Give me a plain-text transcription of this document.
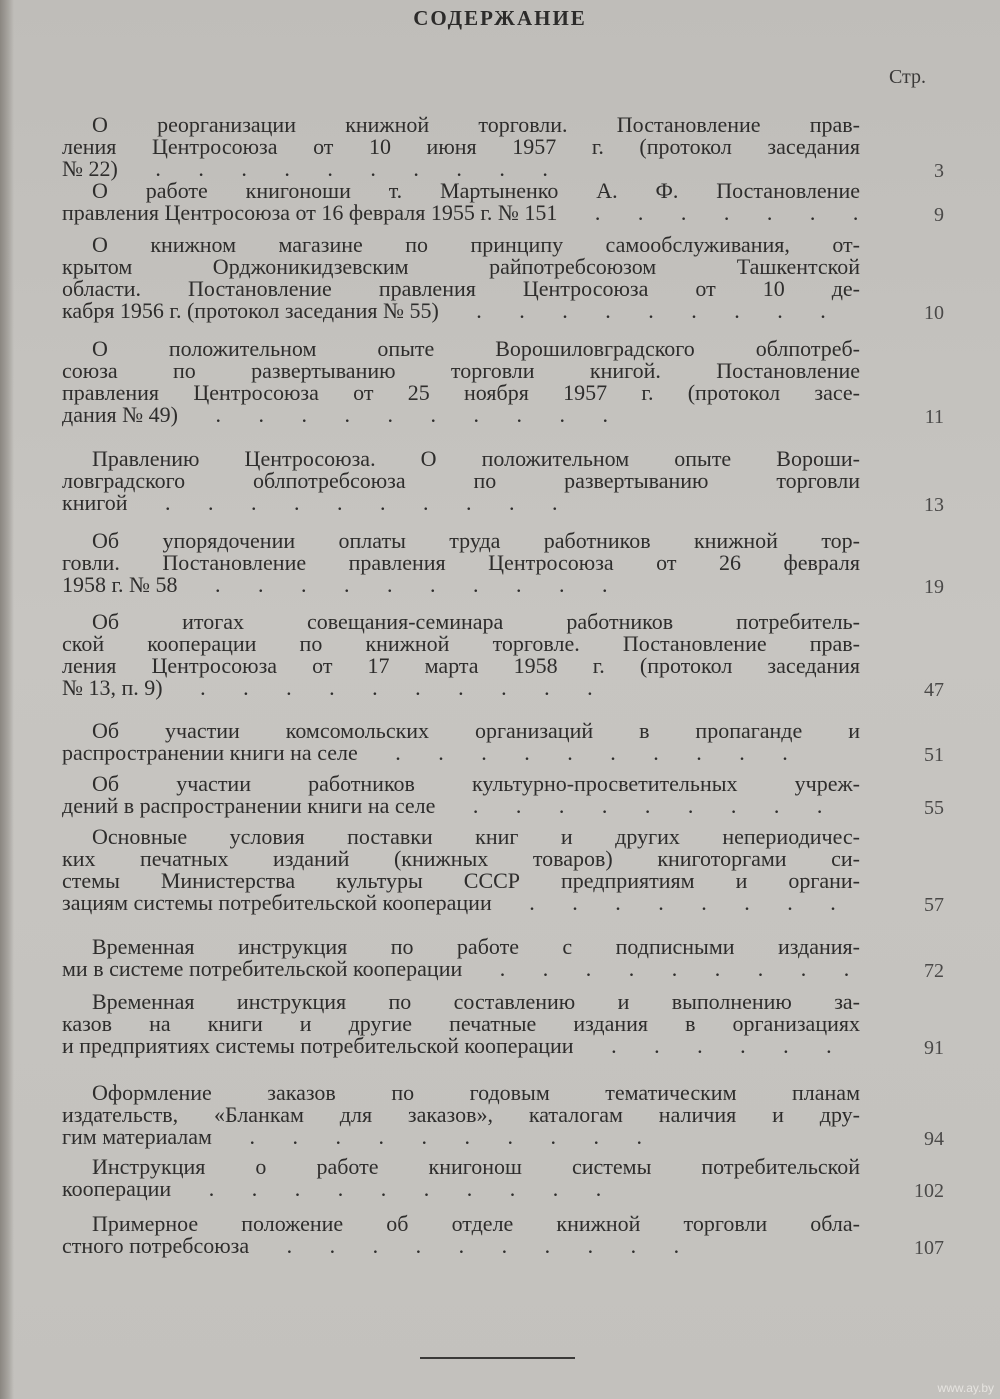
СОДЕРЖАНИЕ
Стр.
О реорганизации книжной торговли. Постановление прав-
ления Центросоюза от 10 июня 1957 г. (протокол заседания
№ 22) . . . . . . . . . .	3
О работе книгоноши т. Мартыненко А. Ф. Постановление
правления Центросоюза от 16 февраля 1955 г. № 151 . . . . . . .	9
О книжном магазине по принципу самообслуживания, от-
крытом Орджоникидзевским райпотребсоюзом Ташкентской
области. Постановление правления Центросоюза от 10 де-
кабря 1956 г. (протокол заседания № 55) . . . . . . . . .	10
О положительном опыте Ворошиловградского облпотреб-
союза по развертыванию торговли книгой. Постановление
правления Центросоюза от 25 ноября 1957 г. (протокол засе-
дания № 49) . . . . . . . . . .	11
Правлению Центросоюза. О положительном опыте Вороши-
ловградского облпотребсоюза по развертыванию торговли
книгой . . . . . . . . . .	13
Об упорядочении оплаты труда работников книжной тор-
говли. Постановление правления Центросоюза от 26 февраля
1958 г. № 58 . . . . . . . . . .	19
Об итогах совещания-семинара работников потребитель-
ской кооперации по книжной торговле. Постановление прав-
ления Центросоюза от 17 марта 1958 г. (протокол заседания
№ 13, п. 9) . . . . . . . . . .	47
Об участии комсомольских организаций в пропаганде и
распространении книги на селе . . . . . . . . . .	51
Об участии работников культурно-просветительных учреж-
дений в распространении книги на селе . . . . . . . . .	55
Основные условия поставки книг и других непериодичес-
ких печатных изданий (книжных товаров) книготоргами си-
стемы Министерства культуры СССР предприятиям и органи-
зациям системы потребительской кооперации . . . . . . . .	57
Временная инструкция по работе с подписными издания-
ми в системе потребительской кооперации . . . . . . . . .	72
Временная инструкция по составлению и выполнению за-
казов на книги и другие печатные издания в организациях
и предприятиях системы потребительской кооперации . . . . . .	91
Оформление заказов по годовым тематическим планам
издательств, «Бланкам для заказов», каталогам наличия и дру-
гим материалам . . . . . . . . . .	94
Инструкция о работе книгонош системы потребительской
кооперации . . . . . . . . . .	102
Примерное положение об отделе книжной торговли обла-
стного потребсоюза . . . . . . . . . .	107
www.ay.by
